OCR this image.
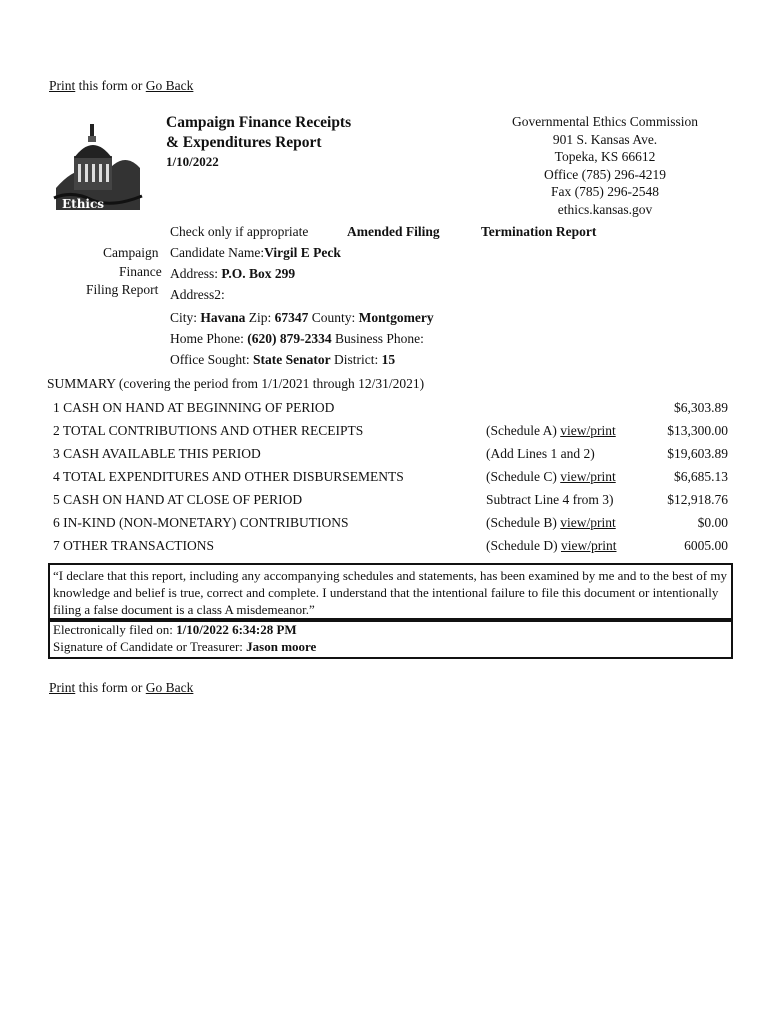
Print this form or Go Back
Ethics
Campaign Finance Receipts
& Expenditures Report
1/10/2022
Governmental Ethics Commission
901 S. Kansas Ave.
Topeka, KS 66612
Office (785) 296-4219
Fax (785) 296-2548
ethics.kansas.gov
Check only if appropriate	Amended Filing	Termination Report
Campaign
Finance
Filing Report
Candidate Name:Virgil E Peck
Address: P.O. Box 299
Address2:
City: Havana Zip: 67347 County: Montgomery
Home Phone: (620) 879-2334 Business Phone:
Office Sought: State Senator District: 15
SUMMARY (covering the period from 1/1/2021 through 12/31/2021)
1 CASH ON HAND AT BEGINNING OF PERIOD	$6,303.89
2 TOTAL CONTRIBUTIONS AND OTHER RECEIPTS	(Schedule A) view/print	$13,300.00
3 CASH AVAILABLE THIS PERIOD	(Add Lines 1 and 2)	$19,603.89
4 TOTAL EXPENDITURES AND OTHER DISBURSEMENTS	(Schedule C) view/print	$6,685.13
5 CASH ON HAND AT CLOSE OF PERIOD	Subtract Line 4 from 3)	$12,918.76
6 IN-KIND (NON-MONETARY) CONTRIBUTIONS	(Schedule B) view/print	$0.00
7 OTHER TRANSACTIONS	(Schedule D) view/print	6005.00
“I declare that this report, including any accompanying schedules and statements, has been examined by me and to the best of my knowledge and belief is true, correct and complete. I understand that the intentional failure to file this document or intentionally filing a false document is a class A misdemeanor.”
Electronically filed on: 1/10/2022 6:34:28 PM
Signature of Candidate or Treasurer: Jason moore
Print this form or Go Back
